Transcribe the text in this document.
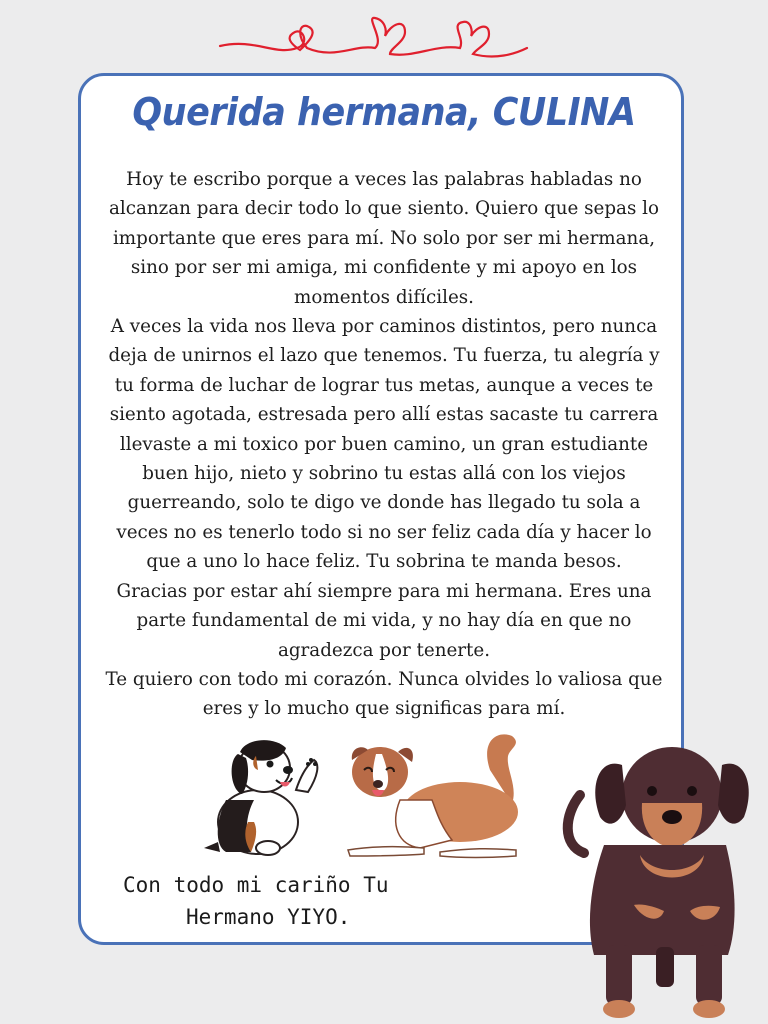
Querida hermana, CULINA

Hoy te escribo porque a veces las palabras habladas no alcanzan para decir todo lo que siento. Quiero que sepas lo importante que eres para mí. No solo por ser mi hermana, sino por ser mi amiga, mi confidente y mi apoyo en los momentos difíciles.

A veces la vida nos lleva por caminos distintos, pero nunca deja de unirnos el lazo que tenemos. Tu fuerza, tu alegría y tu forma de luchar de lograr tus metas, aunque a veces te siento agotada, estresada pero allí estas sacaste tu carrera llevaste a mi toxico por buen camino, un gran estudiante buen hijo, nieto y sobrino tu estas allá con los viejos guerreando, solo te digo ve donde has llegado tu sola a veces no es tenerlo todo si no ser feliz cada día y hacer lo que a uno lo hace feliz. Tu sobrina te manda besos.

Gracias por estar ahí siempre para mi hermana. Eres una parte fundamental de mi vida, y no hay día en que no agradezca por tenerte.

Te quiero con todo mi corazón. Nunca olvides lo valiosa que eres y lo mucho que significas para mí.

Con todo mi cariño Tu
Hermano YIYO.
